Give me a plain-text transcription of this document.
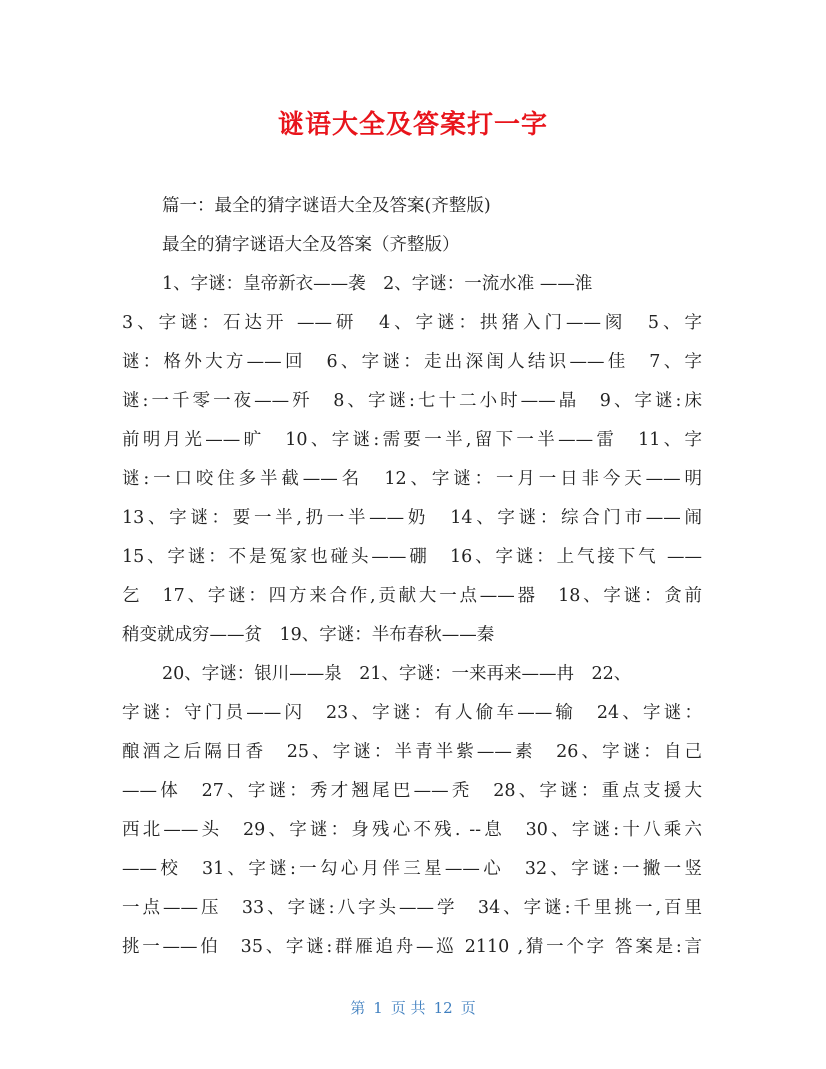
谜语大全及答案打一字
篇一：最全的猜字谜语大全及答案(齐整版)
最全的猜字谜语大全及答案（齐整版）
1、字谜：皇帝新衣——袭　2、字谜：一流水准 ——淮
3、字谜：石达开 ——研　4、字谜：拱猪入门——阂　5、字
谜：格外大方——回　6、字谜：走出深闺人结识——佳　7、字
谜:一千零一夜——歼　8、字谜:七十二小时——晶　9、字谜:床
前明月光——旷　10、字谜:需要一半,留下一半——雷　11、字
谜:一口咬住多半截——名　12、字谜：一月一日非今天——明
13、字谜：要一半,扔一半——奶　14、字谜：综合门市——闹
15、字谜：不是冤家也碰头——硼　16、字谜：上气接下气 ——
乞　17、字谜：四方来合作,贡献大一点——器　18、字谜：贪前
稍变就成穷——贫　19、字谜：半布春秋——秦
20、字谜：银川——泉　21、字谜：一来再来——冉　22、
字谜：守门员——闪　23、字谜：有人偷车——输　24、字谜：
酿酒之后隔日香　25、字谜：半青半紫——素　26、字谜：自己
——体　27、字谜：秀才翘尾巴——秃　28、字谜：重点支援大
西北——头　29、字谜：身残心不残. --息　30、字谜:十八乘六
——校　31、字谜:一勾心月伴三星——心　32、字谜:一撇一竖
一点——压　33、字谜:八字头——学　34、字谜:千里挑一,百里
挑一——伯　35、字谜:群雁追舟—巡 2110 ,猜一个字 答案是:言
第 1 页 共 12 页
